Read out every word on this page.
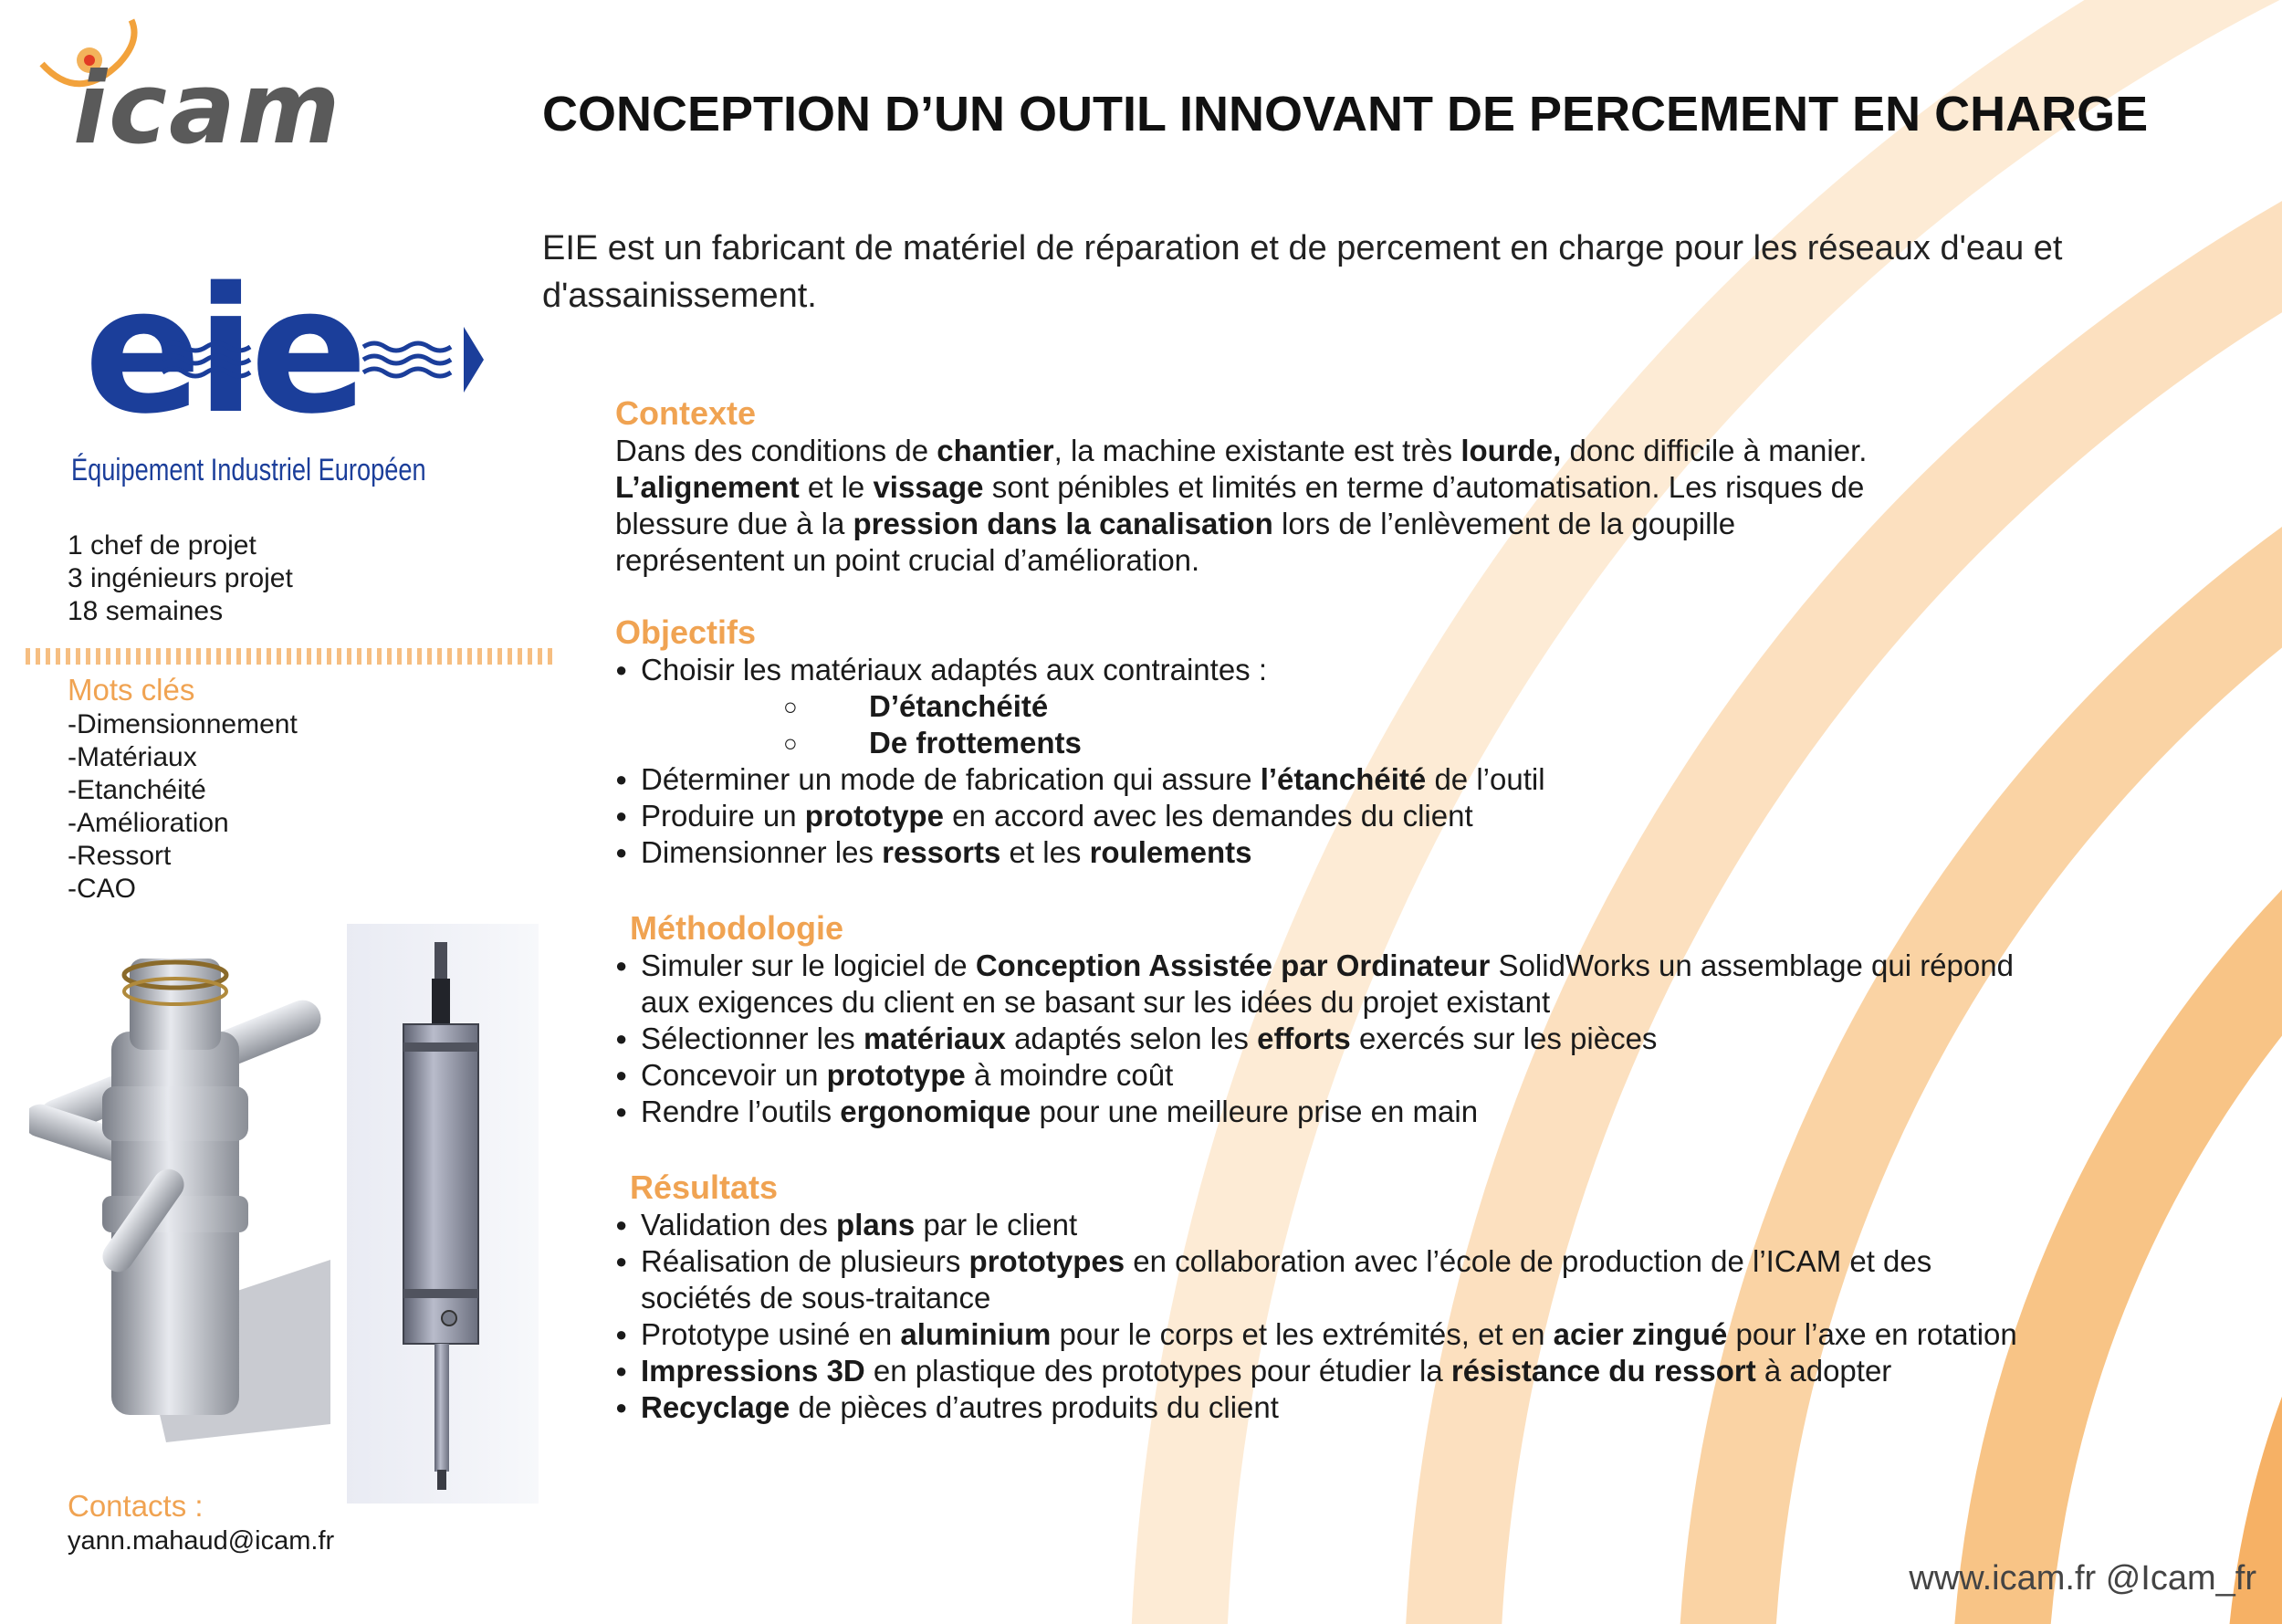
icam
eie
Équipement Industriel Européen
1 chef de projet
3 ingénieurs projet
18 semaines
Mots clés
-Dimensionnement
-Matériaux
-Etanchéité
-Amélioration
-Ressort
-CAO
Contacts :
yann.mahaud@icam.fr
CONCEPTION D’UN OUTIL INNOVANT DE PERCEMENT EN CHARGE
EIE est un fabricant de matériel de réparation et de percement en charge pour les réseaux d'eau et d'assainissement.
Contexte
Dans des conditions de chantier, la machine existante est très lourde, donc difficile à manier.
L’alignement et le vissage sont pénibles et limités en terme d’automatisation. Les risques de
blessure due à la pression dans la canalisation lors de l’enlèvement de la goupille
représentent un point crucial d’amélioration.
Objectifs
● Choisir les matériaux adaptés aux contraintes :
○ D’étanchéité
○ De frottements
● Déterminer un mode de fabrication qui assure l’étanchéité de l’outil
● Produire un prototype en accord avec les demandes du client
● Dimensionner les ressorts et les roulements
Méthodologie
● Simuler sur le logiciel de Conception Assistée par Ordinateur SolidWorks un assemblage qui répond aux exigences du client en se basant sur les idées du projet existant
● Sélectionner les matériaux adaptés selon les efforts exercés sur les pièces
● Concevoir un prototype à moindre coût
● Rendre l’outils ergonomique pour une meilleure prise en main
Résultats
● Validation des plans par le client
● Réalisation de plusieurs prototypes en collaboration avec l’école de production de l’ICAM et des sociétés de sous-traitance
● Prototype usiné en aluminium pour le corps et les extrémités, et en acier zingué pour l’axe en rotation
● Impressions 3D en plastique des prototypes pour étudier la résistance du ressort à adopter
● Recyclage de pièces d’autres produits du client
www.icam.fr @Icam_fr
